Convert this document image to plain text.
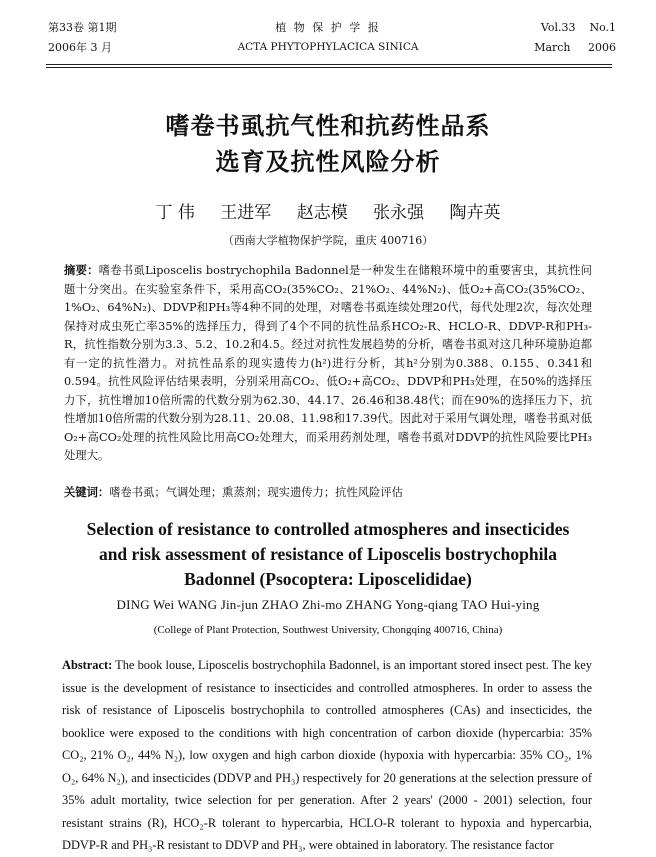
第33卷 第1期
2006年 3 月
植 物 保 护 学 报
ACTA PHYTOPHYLACICA SINICA
Vol.33    No.1
March     2006
嗜卷书虱抗气性和抗药性品系
选育及抗性风险分析
丁 伟 王进军 赵志模 张永强 陶卉英
（西南大学植物保护学院，重庆 400716）
摘要：嗜卷书虱Liposcelis bostrychophila Badonnel是一种发生在储粮环境中的重要害虫，其抗性问题十分突出。在实验室条件下，采用高CO₂(35%CO₂、21%O₂、44%N₂)、低O₂+高CO₂(35%CO₂、1%O₂、64%N₂)、DDVP和PH₃等4种不同的处理，对嗜卷书虱连续处理20代，每代处理2次，每次处理保持对成虫死亡率35%的选择压力，得到了4个不同的抗性品系HCO₂-R、HCLO-R、DDVP-R和PH₃-R，抗性指数分别为3.3、5.2、10.2和4.5。经过对抗性发展趋势的分析，嗜卷书虱对这几种环境胁迫都有一定的抗性潜力。对抗性品系的现实遗传力(h²)进行分析，其h²分别为0.388、0.155、0.341和0.594。抗性风险评估结果表明，分别采用高CO₂、低O₂+高CO₂、DDVP和PH₃处理，在50%的选择压力下，抗性增加10倍所需的代数分别为62.30、44.17、26.46和38.48代；而在90%的选择压力下，抗性增加10倍所需的代数分别为28.11、20.08、11.98和17.39代。因此对于采用气调处理，嗜卷书虱对低O₂+高CO₂处理的抗性风险比用高CO₂处理大，而采用药剂处理，嗜卷书虱对DDVP的抗性风险要比PH₃处理大。
关键词：嗜卷书虱；气调处理；熏蒸剂；现实遗传力；抗性风险评估
Selection of resistance to controlled atmospheres and insecticides
and risk assessment of resistance of Liposcelis bostrychophila
Badonnel (Psocoptera: Liposcelididae)
DING Wei WANG Jin-jun ZHAO Zhi-mo ZHANG Yong-qiang TAO Hui-ying
(College of Plant Protection, Southwest University, Chongqing 400716, China)
Abstract: The book louse, Liposcelis bostrychophila Badonnel, is an important stored insect pest. The key issue is the development of resistance to insecticides and controlled atmospheres. In order to assess the risk of resistance of Liposcelis bostrychophila to controlled atmospheres (CAs) and insecticides, the booklice were exposed to the conditions with high concentration of carbon dioxide (hypercarbia: 35% CO₂, 21% O₂, 44% N₂), low oxygen and high carbon dioxide (hypoxia with hypercarbia: 35% CO₂, 1% O₂, 64% N₂), and insecticides (DDVP and PH₃) respectively for 20 generations at the selection pressure of 35% adult mortality, twice selection for per generation. After 2 years' (2000 - 2001) selection, four resistant strains (R), HCO₂-R tolerant to hypercarbia, HCLO-R tolerant to hypoxia and hypercarbia, DDVP-R and PH₃-R resistant to DDVP and PH₃, were obtained in laboratory. The resistance factor
